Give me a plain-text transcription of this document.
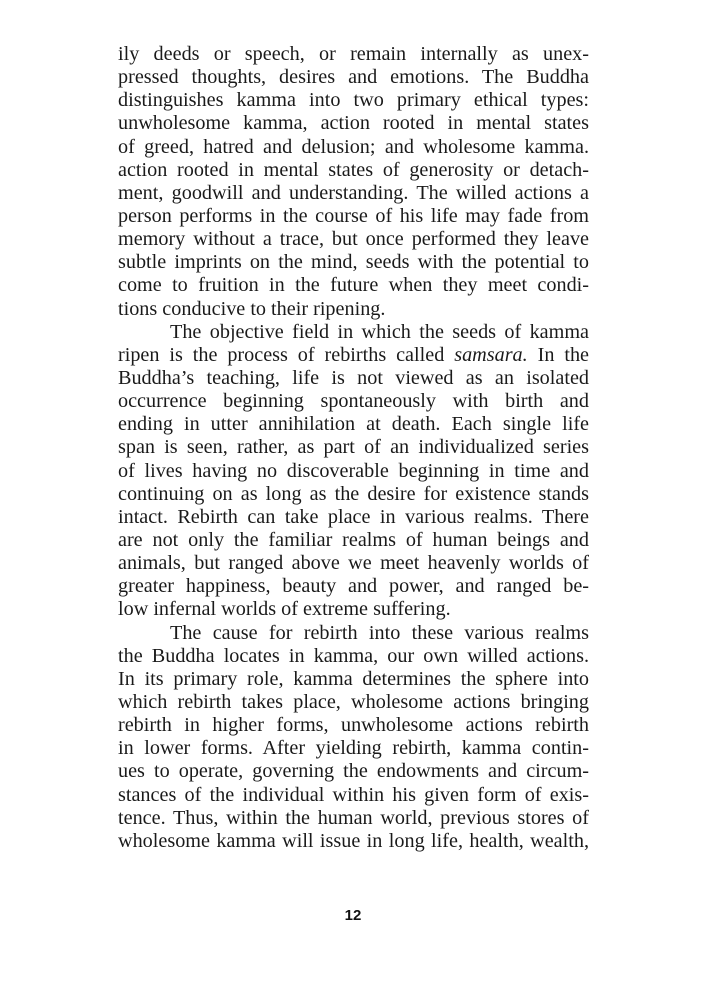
ily deeds or speech, or remain internally as unex-
pressed thoughts, desires and emotions. The Buddha
distinguishes kamma into two primary ethical types:
unwholesome kamma, action rooted in mental states
of greed, hatred and delusion; and wholesome kamma.
action rooted in mental states of generosity or detach-
ment, goodwill and understanding. The willed actions a
person performs in the course of his life may fade from
memory without a trace, but once performed they leave
subtle imprints on the mind, seeds with the potential to
come to fruition in the future when they meet condi-
tions conducive to their ripening.
The objective field in which the seeds of kamma
ripen is the process of rebirths called samsara. In the
Buddha’s teaching, life is not viewed as an isolated
occurrence beginning spontaneously with birth and
ending in utter annihilation at death. Each single life
span is seen, rather, as part of an individualized series
of lives having no discoverable beginning in time and
continuing on as long as the desire for existence stands
intact. Rebirth can take place in various realms. There
are not only the familiar realms of human beings and
animals, but ranged above we meet heavenly worlds of
greater happiness, beauty and power, and ranged be-
low infernal worlds of extreme suffering.
The cause for rebirth into these various realms
the Buddha locates in kamma, our own willed actions.
In its primary role, kamma determines the sphere into
which rebirth takes place, wholesome actions bringing
rebirth in higher forms, unwholesome actions rebirth
in lower forms. After yielding rebirth, kamma contin-
ues to operate, governing the endowments and circum-
stances of the individual within his given form of exis-
tence. Thus, within the human world, previous stores of
wholesome kamma will issue in long life, health, wealth,
12
